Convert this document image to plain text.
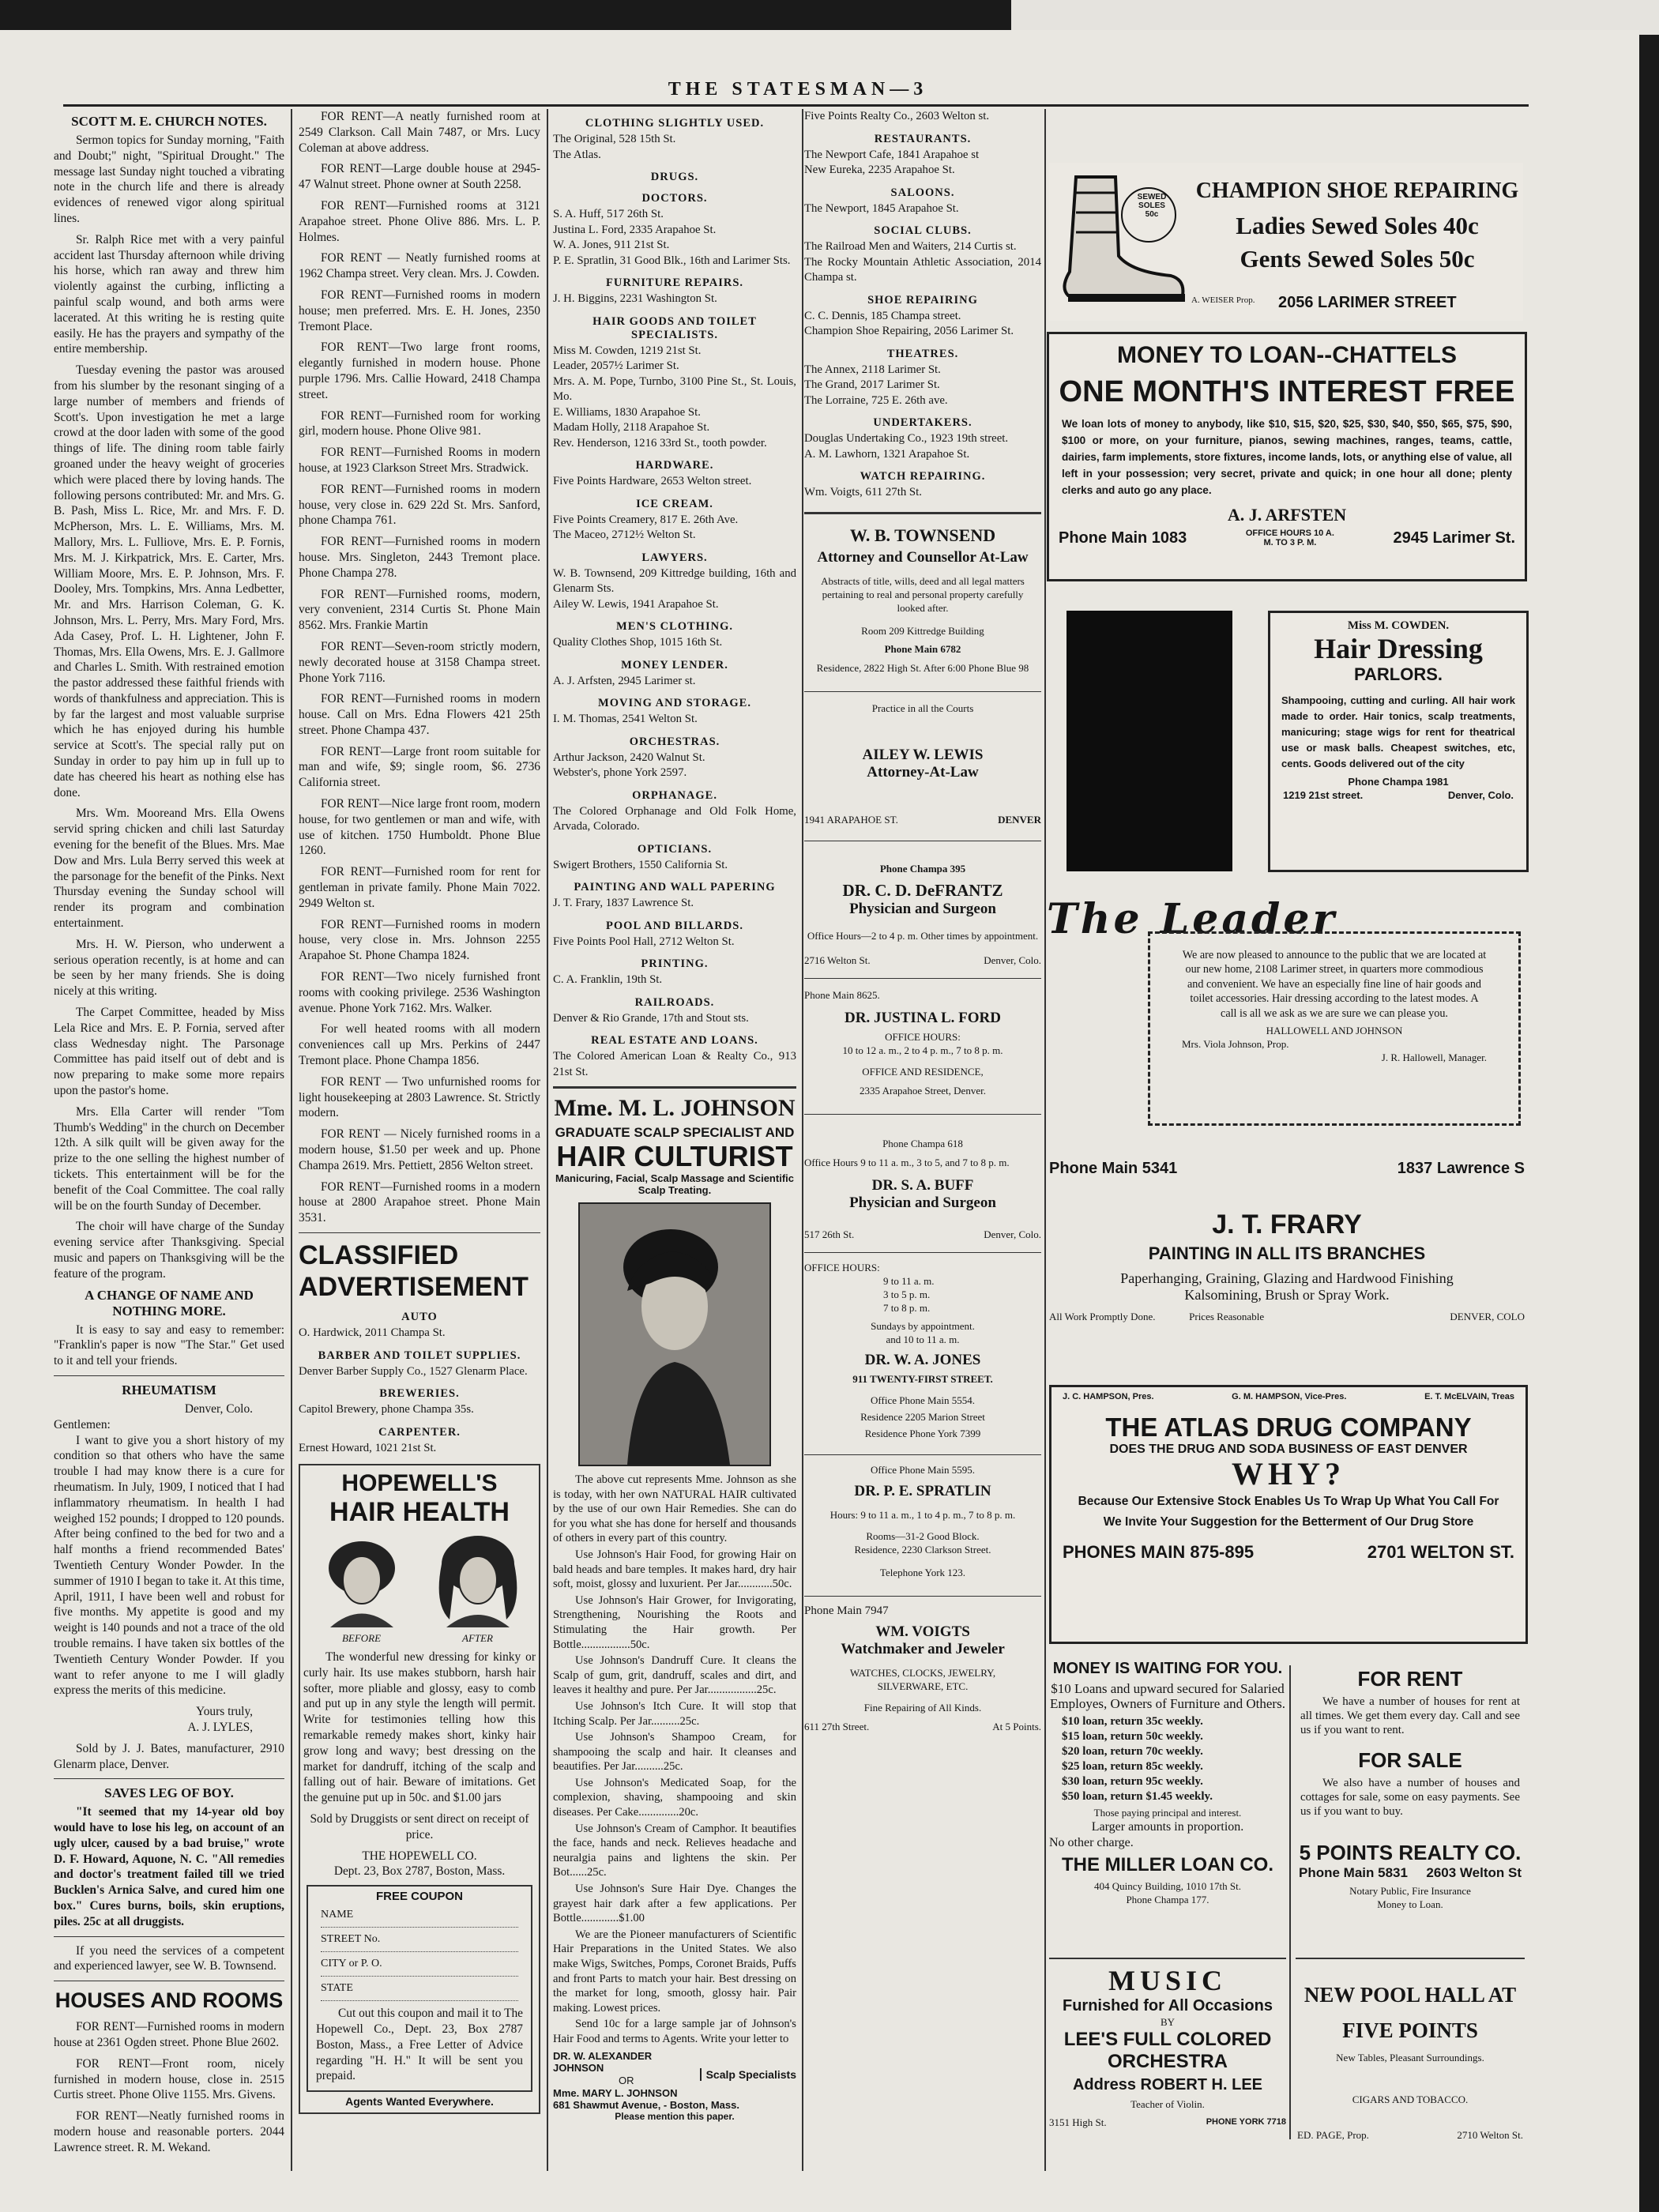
THE STATESMAN—3
SCOTT M. E. CHURCH NOTES.

Sermon topics for Sunday morning, "Faith and Doubt;" night, "Spiritual Drought." The message last Sunday night touched a vibrating note in the church life and there is already evidences of renewed vigor along spiritual lines.

Sr. Ralph Rice met with a very painful accident last Thursday afternoon while driving his horse, which ran away and threw him violently against the curbing, inflicting a painful scalp wound, and both arms were lacerated. At this writing he is resting quite easily. He has the prayers and sympathy of the entire membership.

Tuesday evening the pastor was aroused from his slumber by the resonant singing of a large number of members and friends of Scott's. Upon investigation he met a large crowd at the door laden with some of the good things of life. The dining room table fairly groaned under the heavy weight of groceries which were placed there by loving hands. The following persons contributed: Mr. and Mrs. G. B. Pash, Miss L. Rice, Mr. and Mrs. F. D. McPherson, Mrs. L. E. Williams, Mrs. M. Mallory, Mrs. L. Fulliove, Mrs. E. P. Fornis, Mrs. M. J. Kirkpatrick, Mrs. E. Carter, Mrs. William Moore, Mrs. E. P. Johnson, Mrs. F. Dooley, Mrs. Tompkins, Mrs. Anna Ledbetter, Mr. and Mrs. Harrison Coleman, G. K. Johnson, Mrs. L. Perry, Mrs. Mary Ford, Mrs. Ada Casey, Prof. L. H. Lightener, John F. Thomas, Mrs. Ella Owens, Mrs. E. J. Gallmore and Charles L. Smith. With restrained emotion the pastor addressed these faithful friends with words of thankfulness and appreciation. This is by far the largest and most valuable surprise which he has enjoyed during his humble service at Scott's. The special rally put on Sunday in order to pay him up in full up to date has cheered his heart as nothing else has done.

Mrs. Wm. Mooreand Mrs. Ella Owens servid spring chicken and chili last Saturday evening for the benefit of the Blues. Mrs. Mae Dow and Mrs. Lula Berry served this week at the parsonage for the benefit of the Pinks. Next Thursday evening the Sunday school will render its program and combination entertainment.

Mrs. H. W. Pierson, who underwent a serious operation recently, is at home and can be seen by her many friends. She is doing nicely at this writing.

The Carpet Committee, headed by Miss Lela Rice and Mrs. E. P. Fornia, served after class Wednesday night. The Parsonage Committee has paid itself out of debt and is now preparing to make some more repairs upon the pastor's home.

Mrs. Ella Carter will render "Tom Thumb's Wedding" in the church on December 12th. A silk quilt will be given away for the prize to the one selling the highest number of tickets. This entertainment will be for the benefit of the Coal Committee. The coal rally will be on the fourth Sunday of December.

The choir will have charge of the Sunday evening service after Thanksgiving. Special music and papers on Thanksgiving will be the feature of the program.

A CHANGE OF NAME AND NOTHING MORE.

It is easy to say and easy to remember: "Franklin's paper is now "The Star." Get used to it and tell your friends.

RHEUMATISM

Denver, Colo.

Gentlemen:

I want to give you a short history of my condition so that others who have the same trouble I had may know there is a cure for rheumatism. In July, 1909, I noticed that I had inflammatory rheumatism. In health I had weighed 152 pounds; I dropped to 120 pounds. After being confined to the bed for two and a half months a friend recommended Bates' Twentieth Century Wonder Powder. In the summer of 1910 I began to take it. At this time, April, 1911, I have been well and robust for five months. My appetite is good and my weight is 140 pounds and not a trace of the old trouble remains. I have taken six bottles of the Twentieth Century Wonder Powder. If you want to refer anyone to me I will gladly express the merits of this medicine.

Yours truly,

A. J. LYLES,

Sold by J. J. Bates, manufacturer, 2910 Glenarm place, Denver.

SAVES LEG OF BOY.

"It seemed that my 14-year old boy would have to lose his leg, on account of an ugly ulcer, caused by a bad bruise," wrote D. F. Howard, Aquone, N. C. "All remedies and doctor's treatment failed till we tried Bucklen's Arnica Salve, and cured him one box." Cures burns, boils, skin eruptions, piles. 25c at all druggists.

If you need the services of a competent and experienced lawyer, see W. B. Townsend.

HOUSES AND ROOMS

FOR RENT—Furnished rooms in modern house at 2361 Ogden street. Phone Blue 2602.

FOR RENT—Front room, nicely furnished in modern house, close in. 2515 Curtis street. Phone Olive 1155. Mrs. Givens.

FOR RENT—Neatly furnished rooms in modern house and reasonable porters. 2044 Lawrence street. R. M. Wekand.

FOR RENT—A neatly furnished room at 2549 Clarkson. Call Main 7487, or Mrs. Lucy Coleman at above address.

FOR RENT—Large double house at 2945-47 Walnut street. Phone owner at South 2258.

FOR RENT—Furnished rooms at 3121 Arapahoe street. Phone Olive 886. Mrs. L. P. Holmes.

FOR RENT — Neatly furnished rooms at 1962 Champa street. Very clean. Mrs. J. Cowden.

FOR RENT—Furnished rooms in modern house; men preferred. Mrs. E. H. Jones, 2350 Tremont Place.

FOR RENT—Two large front rooms, elegantly furnished in modern house. Phone purple 1796. Mrs. Callie Howard, 2418 Champa street.

FOR RENT—Furnished room for working girl, modern house. Phone Olive 981.

FOR RENT—Furnished Rooms in modern house, at 1923 Clarkson Street Mrs. Stradwick.

FOR RENT—Furnished rooms in modern house, very close in. 629 22d St. Mrs. Sanford, phone Champa 761.

FOR RENT—Furnished rooms in modern house. Mrs. Singleton, 2443 Tremont place. Phone Champa 278.

FOR RENT—Furnished rooms, modern, very convenient, 2314 Curtis St. Phone Main 8562. Mrs. Frankie Martin

FOR RENT—Seven-room strictly modern, newly decorated house at 3158 Champa street. Phone York 7116.

FOR RENT—Furnished rooms in modern house. Call on Mrs. Edna Flowers 421 25th street. Phone Champa 437.

FOR RENT—Large front room suitable for man and wife, $9; single room, $6. 2736 California street.

FOR RENT—Nice large front room, modern house, for two gentlemen or man and wife, with use of kitchen. 1750 Humboldt. Phone Blue 1260.

FOR RENT—Furnished room for rent for gentleman in private family. Phone Main 7022. 2949 Welton st.

FOR RENT—Furnished rooms in modern house, very close in. Mrs. Johnson 2255 Arapahoe St. Phone Champa 1824.

FOR RENT—Two nicely furnished front rooms with cooking privilege. 2536 Washington avenue. Phone York 7162. Mrs. Walker.

For well heated rooms with all modern conveniences call up Mrs. Perkins of 2447 Tremont place. Phone Champa 1856.

FOR RENT — Two unfurnished rooms for light housekeeping at 2803 Lawrence. St. Strictly modern.

FOR RENT — Nicely furnished rooms in a modern house, $1.50 per week and up. Phone Champa 2619. Mrs. Pettiett, 2856 Welton street.

FOR RENT—Furnished rooms in a modern house at 2800 Arapahoe street. Phone Main 3531.

CLASSIFIED ADVERTISEMENT
AUTO

O. Hardwick, 2011 Champa St.

BARBER AND TOILET SUPPLIES.

Denver Barber Supply Co., 1527 Glenarm Place.

BREWERIES.

Capitol Brewery, phone Champa 35s.

CARPENTER.

Ernest Howard, 1021 21st St.

HOPEWELL'S
HAIR HEALTH
BEFORE	AFTER

The wonderful new dressing for kinky or curly hair. Its use makes stubborn, harsh hair softer, more pliable and glossy, easy to comb and put up in any style the length will permit. Write for testimonies telling how this remarkable remedy makes short, kinky hair grow long and wavy; best dressing on the market for dandruff, itching of the scalp and falling out of hair. Beware of imitations. Get the genuine put up in 50c. and $1.00 jars

Sold by Druggists or sent direct on receipt of price.

THE HOPEWELL CO.

Dept. 23, Box 2787, Boston, Mass.

FREE COUPON
NAME
STREET No.
CITY or P. O.
STATE

Cut out this coupon and mail it to The Hopewell Co., Dept. 23, Box 2787 Boston, Mass., a Free Letter of Advice regarding "H. H." It will be sent you prepaid.

Agents Wanted Everywhere.
CLOTHING SLIGHTLY USED.

The Original, 528 15th St.

The Atlas.

DRUGS.
DOCTORS.

S. A. Huff, 517 26th St.

Justina L. Ford, 2335 Arapahoe St.

W. A. Jones, 911 21st St.

P. E. Spratlin, 31 Good Blk., 16th and Larimer Sts.

FURNITURE REPAIRS.

J. H. Biggins, 2231 Washington St.

HAIR GOODS AND TOILET SPECIALISTS.

Miss M. Cowden, 1219 21st St.

Leader, 2057½ Larimer St.

Mrs. A. M. Pope, Turnbo, 3100 Pine St., St. Louis, Mo.

E. Williams, 1830 Arapahoe St.

Madam Holly, 2118 Arapahoe St.

Rev. Henderson, 1216 33rd St., tooth powder.

HARDWARE.

Five Points Hardware, 2653 Welton street.

ICE CREAM.

Five Points Creamery, 817 E. 26th Ave.

The Maceo, 2712½ Welton St.

LAWYERS.

W. B. Townsend, 209 Kittredge building, 16th and Glenarm Sts.

Ailey W. Lewis, 1941 Arapahoe St.

MEN'S CLOTHING.

Quality Clothes Shop, 1015 16th St.

MONEY LENDER.

A. J. Arfsten, 2945 Larimer st.

MOVING AND STORAGE.

I. M. Thomas, 2541 Welton St.

ORCHESTRAS.

Arthur Jackson, 2420 Walnut St.

Webster's, phone York 2597.

ORPHANAGE.

The Colored Orphanage and Old Folk Home, Arvada, Colorado.

OPTICIANS.

Swigert Brothers, 1550 California St.

PAINTING AND WALL PAPERING

J. T. Frary, 1837 Lawrence St.

POOL AND BILLARDS.

Five Points Pool Hall, 2712 Welton St.

PRINTING.

C. A. Franklin, 19th St.

RAILROADS.

Denver & Rio Grande, 17th and Stout sts.

REAL ESTATE AND LOANS.

The Colored American Loan & Realty Co., 913 21st St.

Mme. M. L. JOHNSON
GRADUATE SCALP SPECIALIST AND
HAIR CULTURIST
Manicuring, Facial, Scalp Massage and Scientific Scalp Treating.

The above cut represents Mme. Johnson as she is today, with her own NATURAL HAIR cultivated by the use of our own Hair Remedies. She can do for you what she has done for herself and thousands of others in every part of this country.

Use Johnson's Hair Food, for growing Hair on bald heads and bare temples. It makes hard, dry hair soft, moist, glossy and luxurient. Per Jar............50c.

Use Johnson's Hair Grower, for Invigorating, Strengthening, Nourishing the Roots and Stimulating the Hair growth. Per Bottle.................50c.

Use Johnson's Dandruff Cure. It cleans the Scalp of gum, grit, dandruff, scales and dirt, and leaves it healthy and pure. Per Jar.................25c.

Use Johnson's Itch Cure. It will stop that Itching Scalp. Per Jar..........25c.

Use Johnson's Shampoo Cream, for shampooing the scalp and hair. It cleanses and beautifies. Per Jar..........25c.

Use Johnson's Medicated Soap, for the complexion, shaving, shampooing and skin diseases. Per Cake..............20c.

Use Johnson's Cream of Camphor. It beautifies the face, hands and neck. Relieves headache and neuralgia pains and lightens the skin. Per Bot......25c.

Use Johnson's Sure Hair Dye. Changes the grayest hair dark after a few applications. Per Bottle.............$1.00

We are the Pioneer manufacturers of Scientific Hair Preparations in the United States. We also make Wigs, Switches, Pomps, Coronet Braids, Puffs and front Parts to match your hair. Best dressing on the market for long, smooth, glossy hair. Pair making. Lowest prices.

Send 10c for a large sample jar of Johnson's Hair Food and terms to Agents. Write your letter to

DR. W. ALEXANDER JOHNSON
OR
Mme. MARY L. JOHNSON
Scalp Specialists
681 Shawmut Avenue, - Boston, Mass.
Please mention this paper.

Five Points Realty Co., 2603 Welton st.

RESTAURANTS.

The Newport Cafe, 1841 Arapahoe st

New Eureka, 2235 Arapahoe St.

SALOONS.

The Newport, 1845 Arapahoe St.

SOCIAL CLUBS.

The Railroad Men and Waiters, 214 Curtis st.

The Rocky Mountain Athletic Association, 2014 Champa st.

SHOE REPAIRING

C. C. Dennis, 185 Champa street.

Champion Shoe Repairing, 2056 Larimer St.

THEATRES.

The Annex, 2118 Larimer St.

The Grand, 2017 Larimer St.

The Lorraine, 725 E. 26th ave.

UNDERTAKERS.

Douglas Undertaking Co., 1923 19th street.

A. M. Lawhorn, 1321 Arapahoe St.

WATCH REPAIRING.

Wm. Voigts, 611 27th St.

W. B. TOWNSEND
Attorney and Counsellor At-Law

Abstracts of title, wills, deed and all legal matters pertaining to real and personal property carefully looked after.

Room 209 Kittredge Building

Phone Main 6782

Residence, 2822 High St. After 6:00 Phone Blue 98

Practice in all the Courts

AILEY W. LEWIS
Attorney-At-Law
1941 ARAPAHOE ST.	DENVER

Phone Champa 395

DR. C. D. DeFRANTZ
Physician and Surgeon

Office Hours—2 to 4 p. m. Other times by appointment.

2716 Welton St.	Denver, Colo.

Phone Main 8625.

DR. JUSTINA L. FORD

OFFICE HOURS:

10 to 12 a. m., 2 to 4 p. m., 7 to 8 p. m.

OFFICE AND RESIDENCE,

2335 Arapahoe Street, Denver.

Phone Champa 618

Office Hours 9 to 11 a. m., 3 to 5, and 7 to 8 p. m.

DR. S. A. BUFF
Physician and Surgeon
517 26th St.	Denver, Colo.

OFFICE HOURS:

9 to 11 a. m.

3 to 5 p. m.

7 to 8 p. m.

Sundays by appointment.

and 10 to 11 a. m.

DR. W. A. JONES

911 TWENTY-FIRST STREET.

Office Phone Main 5554.

Residence 2205 Marion Street

Residence Phone York 7399

Office Phone Main 5595.

DR. P. E. SPRATLIN

Hours: 9 to 11 a. m., 1 to 4 p. m., 7 to 8 p. m.

Rooms—31-2 Good Block.

Residence, 2230 Clarkson Street.

Telephone York 123.

Phone Main 7947

WM. VOIGTS
Watchmaker and Jeweler

WATCHES, CLOCKS, JEWELRY, SILVERWARE, ETC.

Fine Repairing of All Kinds.

611 27th Street.	At 5 Points.
SEWED
SOLES
50c
CHAMPION SHOE REPAIRING
Ladies Sewed Soles 40c
Gents Sewed Soles 50c
A. WEISER Prop.	2056 LARIMER STREET
MONEY TO LOAN--CHATTELS
ONE MONTH'S INTEREST FREE

We loan lots of money to anybody, like $10, $15, $20, $25, $30, $40, $50, $65, $75, $90, $100 or more, on your furniture, pianos, sewing machines, ranges, teams, cattle, dairies, farm implements, store fixtures, income lands, lots, or anything else of value, all left in your possession; very secret, private and quick; in one hour all done; plenty clerks and auto go any place.

A. J. ARFSTEN
Phone Main 1083	OFFICE HOURS 10 A. M. TO 3 P. M.	2945 Larimer St.
Miss M. COWDEN.
Hair Dressing
PARLORS.

Shampooing, cutting and curling. All hair work made to order. Hair tonics, scalp treatments, manicuring; stage wigs for rent for theatrical use or mask balls. Cheapest switches, etc, cents. Goods delivered out of the city

Phone Champa 1981
1219 21st street.	Denver, Colo.
The Leader

We are now pleased to announce to the public that we are located at our new home, 2108 Larimer street, in quarters more commodious and convenient. We have an especially fine line of hair goods and toilet accessories. Hair dressing according to the latest modes. A call is all we ask as we are sure we can please you.

HALLOWELL AND JOHNSON
Mrs. Viola Johnson, Prop.
J. R. Hallowell, Manager.
Phone Main 5341	1837 Lawrence S
J. T. FRARY
PAINTING IN ALL ITS BRANCHES
Paperhanging, Graining, Glazing and Hardwood Finishing
Kalsomining, Brush or Spray Work.
All Work Promptly Done.	Prices Reasonable	DENVER, COLO
J. C. HAMPSON, Pres.	G. M. HAMPSON, Vice-Pres.	E. T. McELVAIN, Treas
THE ATLAS DRUG COMPANY
DOES THE DRUG AND SODA BUSINESS OF EAST DENVER
WHY?
Because Our Extensive Stock Enables Us To Wrap Up What You Call For
We Invite Your Suggestion for the Betterment of Our Drug Store
PHONES MAIN 875-895	2701 WELTON ST.
MONEY IS WAITING FOR YOU.

$10 Loans and upward secured for Salaried Employes, Owners of Furniture and Others.

$10 loan, return 35c weekly.

$15 loan, return 50c weekly.

$20 loan, return 70c weekly.

$25 loan, return 85c weekly.

$30 loan, return 95c weekly.

$50 loan, return $1.45 weekly.

Those paying principal and interest.

Larger amounts in proportion.

No other charge.

THE MILLER LOAN CO.

404 Quincy Building, 1010 17th St.

Phone Champa 177.

FOR RENT

We have a number of houses for rent at all times. We get them every day. Call and see us if you want to rent.

FOR SALE

We also have a number of houses and cottages for sale, some on easy payments. See us if you want to buy.

5 POINTS REALTY CO.
Phone Main 5831 2603 Welton St

Notary Public, Fire Insurance

Money to Loan.

MUSIC
Furnished for All Occasions
BY
LEE'S FULL COLORED
ORCHESTRA
Address ROBERT H. LEE
Teacher of Violin.
3151 High St.	PHONE YORK 7718
NEW POOL HALL AT
FIVE POINTS
New Tables, Pleasant Surroundings.
CIGARS AND TOBACCO.
ED. PAGE, Prop.	2710 Welton St.
